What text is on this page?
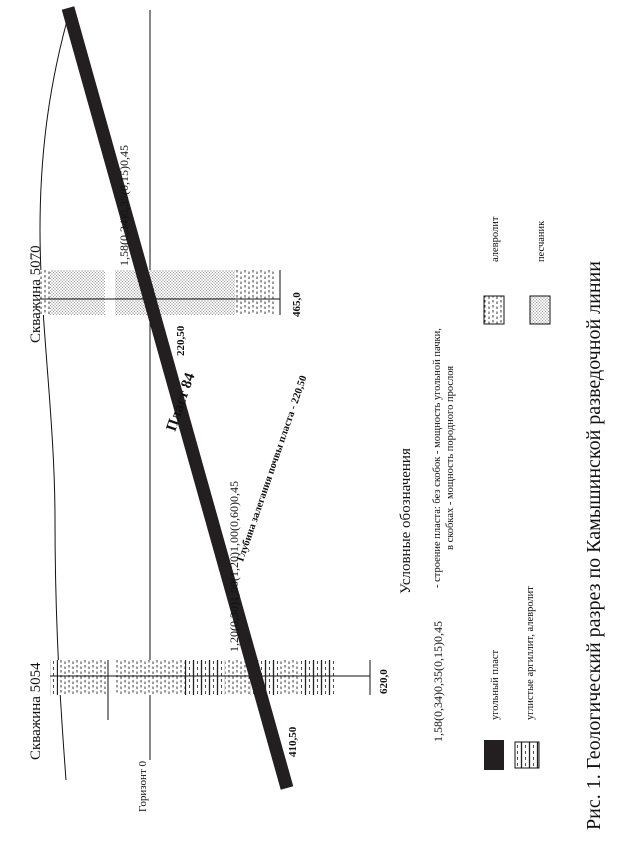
Скважина 5054
Скважина 5070
Горизонт 0
1,20(0,30)1,00(1,20)1,00(0,60)0,45
1,58(0,34)0,35(0,15)0,45
Пласт 84	Глубина залегания почвы пласта - 220,50
620,0
410,50
465,0
220,50
Условные обозначения
1,58(0,34)0,35(0,15)0,45
- строение пласта: без скобок - мощность угольной пачки, в скобках - мощность породного прослоя
угольный пласт углистые аргиллит, алевролит
алевролит	песчаник
Рис. 1. Геологический разрез по Камышинской разведочной линии
